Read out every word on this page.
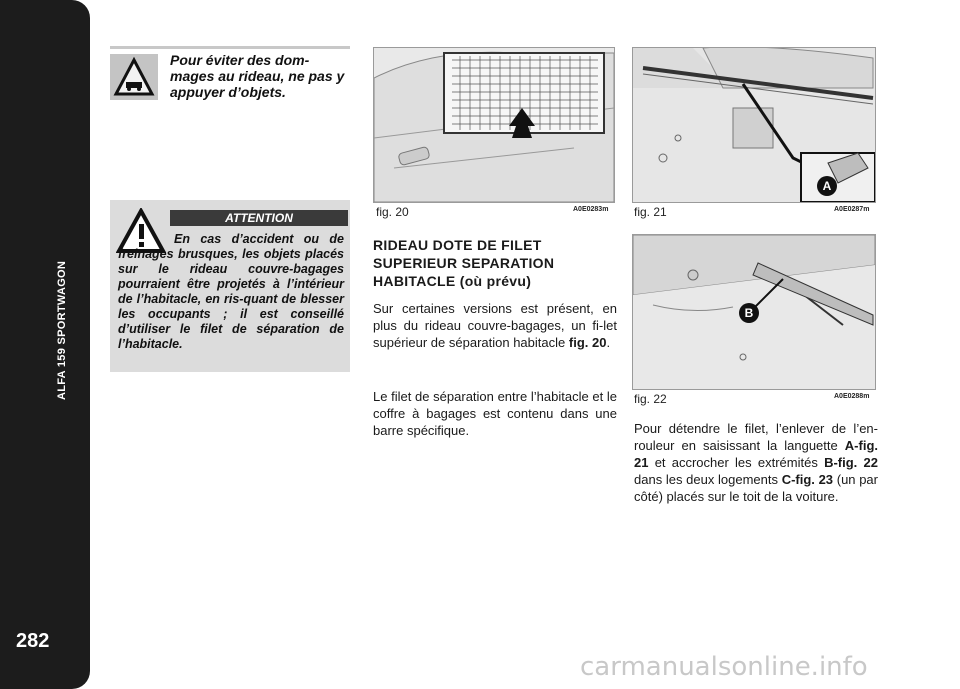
ALFA 159 SPORTWAGON
282
Pour éviter des dom-mages au rideau, ne pas y appuyer d’objets.
ATTENTION
En cas d’accident ou de freinages brusques, les objets placés sur le rideau couvre-bagages pourraient être projetés à l’intérieur de l’habitacle, en ris-quant de blesser les occupants ; il est conseillé d’utiliser le filet de séparation de l’habitacle.
fig. 20	A0E0283m
A
fig. 21	A0E0287m
B
fig. 22	A0E0288m
RIDEAU DOTE DE FILET SUPERIEUR SEPARATION HABITACLE (où prévu)
Sur certaines versions est présent, en plus du rideau couvre-bagages, un fi-let supérieur de séparation habitacle fig. 20.
Le filet de séparation entre l’habitacle et le coffre à bagages est contenu dans une barre spécifique.	Pour détendre le filet, l’enlever de l’en-rouleur en saisissant la languette A-fig. 21 et accrocher les extrémités B-fig. 22 dans les deux logements C-fig. 23 (un par côté) placés sur le toit de la voiture.
carmanualsonline.info
